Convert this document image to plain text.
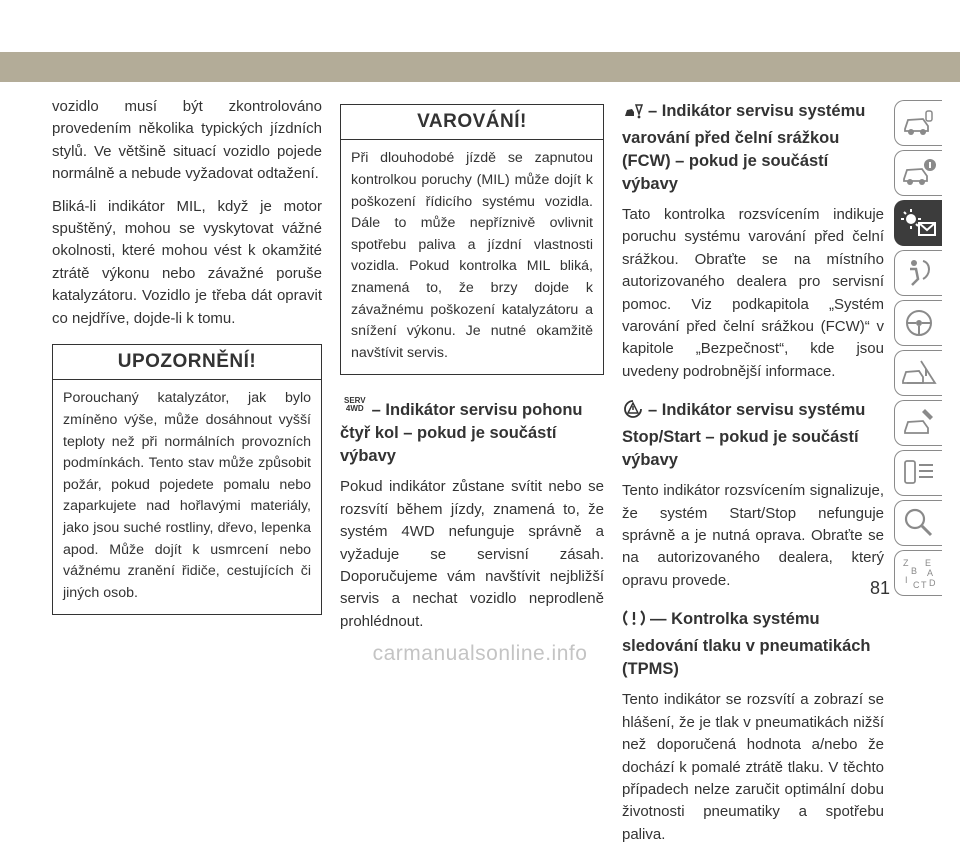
vozidlo musí být zkontrolováno provedením několika typických jízdních stylů. Ve většině situací vozidlo pojede normálně a nebude vyžadovat odtažení.

Bliká-li indikátor MIL, když je motor spuštěný, mohou se vyskytovat vážné okolnosti, které mohou vést k okamžité ztrátě výkonu nebo závažné poruše katalyzátoru. Vozidlo je třeba dát opravit co nejdříve, dojde-li k tomu.

UPOZORNĚNÍ!
Porouchaný katalyzátor, jak bylo zmíněno výše, může dosáhnout vyšší teploty než při normálních provozních podmínkách. Tento stav může způsobit požár, pokud pojedete pomalu nebo zaparkujete nad hořlavými materiály, jako jsou suché rostliny, dřevo, lepenka apod. Může dojít k usmrcení nebo vážnému zranění řidiče, cestujících či jiných osob.
VAROVÁNÍ!
Při dlouhodobé jízdě se zapnutou kontrolkou poruchy (MIL) může dojít k poškození řídicího systému vozidla. Dále to může nepříznivě ovlivnit spotřebu paliva a jízdní vlastnosti vozidla. Pokud kontrolka MIL bliká, znamená to, že brzy dojde k závažnému poškození katalyzátoru a snížení výkonu. Je nutné okamžitě navštívit servis.
SERV
4WD – Indikátor servisu pohonu čtyř kol – pokud je součástí výbavy

Pokud indikátor zůstane svítit nebo se rozsvítí během jízdy, znamená to, že systém 4WD nefunguje správně a vyžaduje se servisní zásah. Doporučujeme vám navštívit nejbližší servis a nechat vozidlo neprodleně prohlédnout.

– Indikátor servisu systému varování před čelní srážkou (FCW) – pokud je součástí výbavy

Tato kontrolka rozsvícením indikuje poruchu systému varování před čelní srážkou. Obraťte se na místního autorizovaného dealera pro servisní pomoc. Viz podkapitola „Systém varování před čelní srážkou (FCW)“ v kapitole „Bezpečnost“, kde jsou uvedeny podrobnější informace.

– Indikátor servisu systému Stop/Start – pokud je součástí výbavy

Tento indikátor rozsvícením signalizuje, že systém Start/Stop nefunguje správně a je nutná oprava. Obraťte se na autorizovaného dealera, který opravu provede.

— Kontrolka systému sledování tlaku v pneumatikách (TPMS)

Tento indikátor se rozsvítí a zobrazí se hlášení, že je tlak v pneumatikách nižší než doporučená hodnota a/nebo že dochází k pomalé ztrátě tlaku. V těchto případech nelze zaručit optimální dobu životnosti pneumatiky a spotřebu paliva.

Z E
B A
I C T D
81
carmanualsonline.info
